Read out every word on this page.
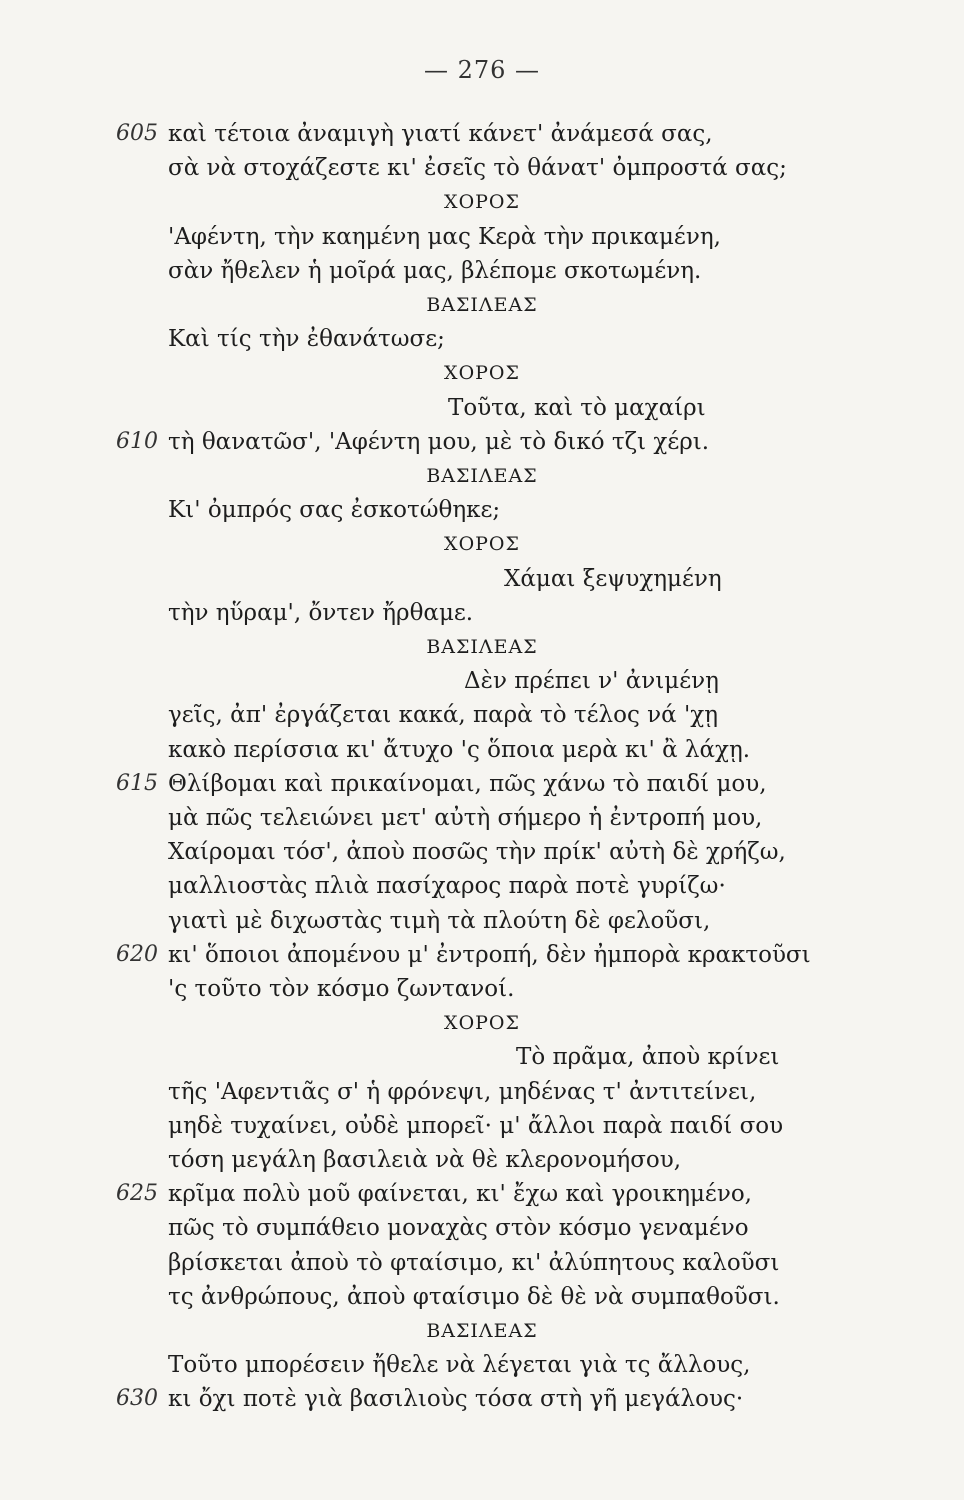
— 276 —
καὶ τέτοια ἀναμιγὴ γιατί κάνετ' ἀνάμεσά σας,
605
σὰ νὰ στοχάζεστε κι' ἐσεῖς τὸ θάνατ' ὀμπροστά σας;
ΧΟΡΟΣ
'Αφέντη, τὴν καημένη μας Κερὰ τὴν πρικαμένη,
σὰν ἤθελεν ἡ μοῖρά μας, βλέπομε σκοτωμένη.
ΒΑΣΙΛΕΑΣ
Καὶ τίς τὴν ἐθανάτωσε;
ΧΟΡΟΣ
Τοῦτα, καὶ τὸ μαχαίρι
τὴ θανατῶσ', 'Αφέντη μου, μὲ τὸ δικό τζι χέρι.
610
ΒΑΣΙΛΕΑΣ
Κι' ὀμπρός σας ἐσκοτώθηκε;
ΧΟΡΟΣ
Χάμαι ξεψυχημένη
τὴν ηὕραμ', ὄντεν ἤρθαμε.
ΒΑΣΙΛΕΑΣ
Δὲν πρέπει ν' ἀνιμένῃ
γεῖς, ἀπ' ἐργάζεται κακά, παρὰ τὸ τέλος νά 'χῃ
κακὸ περίσσια κι' ἄτυχο 'ς ὅποια μερὰ κι' ἂ λάχῃ.
Θλίβομαι καὶ πρικαίνομαι, πῶς χάνω τὸ παιδί μου,
615
μὰ πῶς τελειώνει μετ' αὐτὴ σήμερο ἡ ἐντροπή μου,
Χαίρομαι τόσ', ἀποὺ ποσῶς τὴν πρίκ' αὐτὴ δὲ χρήζω,
μαλλιοστὰς πλιὰ πασίχαρος παρὰ ποτὲ γυρίζω·
γιατὶ μὲ διχωστὰς τιμὴ τὰ πλούτη δὲ φελοῦσι,
κι' ὅποιοι ἀπομένου μ' ἐντροπή, δὲν ἠμπορὰ κρακτοῦσι
620
'ς τοῦτο τὸν κόσμο ζωντανοί.
ΧΟΡΟΣ
Τὸ πρᾶμα, ἀποὺ κρίνει
τῆς 'Αφεντιᾶς σ' ἡ φρόνεψι, μηδένας τ' ἀντιτείνει,
μηδὲ τυχαίνει, οὐδὲ μπορεῖ· μ' ἄλλοι παρὰ παιδί σου
τόση μεγάλη βασιλειὰ νὰ θὲ κλερονομήσου,
κρῖμα πολὺ μοῦ φαίνεται, κι' ἔχω καὶ γροικημένο,
625
πῶς τὸ συμπάθειο μοναχὰς στὸν κόσμο γεναμένο
βρίσκεται ἀποὺ τὸ φταίσιμο, κι' ἀλύπητους καλοῦσι
τς ἀνθρώπους, ἀποὺ φταίσιμο δὲ θὲ νὰ συμπαθοῦσι.
ΒΑΣΙΛΕΑΣ
Τοῦτο μπορέσειν ἤθελε νὰ λέγεται γιὰ τς ἄλλους,
κι ὄχι ποτὲ γιὰ βασιλιοὺς τόσα στὴ γῆ μεγάλους·
630
